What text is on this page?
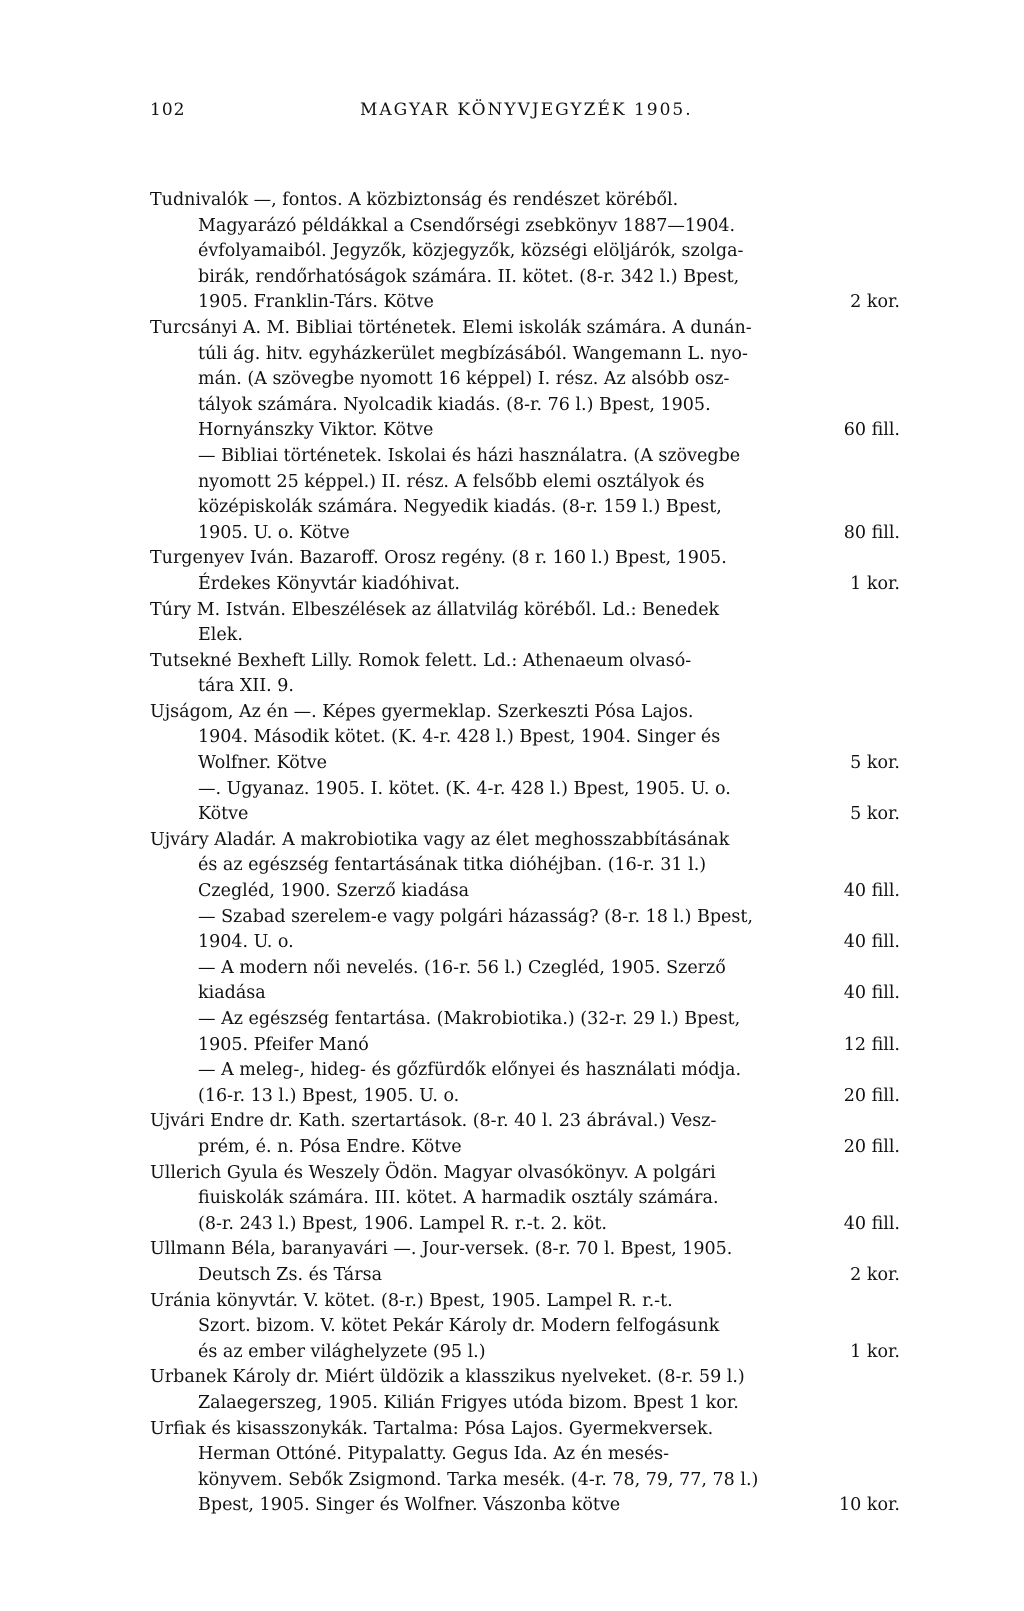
102	MAGYAR KÖNYVJEGYZÉK 1905.
Tudnivalók —, fontos. A közbiztonság és rendészet köréből.
Magyarázó példákkal a Csendőrségi zsebkönyv 1887—1904.
évfolyamaiból. Jegyzők, közjegyzők, községi elöljárók, szolga-
birák, rendőrhatóságok számára. II. kötet. (8-r. 342 l.) Bpest,
1905. Franklin-Társ. Kötve	2 kor.
Turcsányi A. M. Bibliai történetek. Elemi iskolák számára. A dunán-
túli ág. hitv. egyházkerület megbízásából. Wangemann L. nyo-
mán. (A szövegbe nyomott 16 képpel) I. rész. Az alsóbb osz-
tályok számára. Nyolcadik kiadás. (8-r. 76 l.) Bpest, 1905.
Hornyánszky Viktor. Kötve	60 fill.
— Bibliai történetek. Iskolai és házi használatra. (A szövegbe
nyomott 25 képpel.) II. rész. A felsőbb elemi osztályok és
középiskolák számára. Negyedik kiadás. (8-r. 159 l.) Bpest,
1905. U. o. Kötve	80 fill.
Turgenyev Iván. Bazaroff. Orosz regény. (8 r. 160 l.) Bpest, 1905.
Érdekes Könyvtár kiadóhivat.	1 kor.
Túry M. István. Elbeszélések az állatvilág köréből. Ld.: Benedek
Elek.
Tutsekné Bexheft Lilly. Romok felett. Ld.: Athenaeum olvasó-
tára XII. 9.
Ujságom, Az én —. Képes gyermeklap. Szerkeszti Pósa Lajos.
1904. Második kötet. (K. 4-r. 428 l.) Bpest, 1904. Singer és
Wolfner. Kötve	5 kor.
—. Ugyanaz. 1905. I. kötet. (K. 4-r. 428 l.) Bpest, 1905. U. o.
Kötve	5 kor.
Ujváry Aladár. A makrobiotika vagy az élet meghosszabbításának
és az egészség fentartásának titka dióhéjban. (16-r. 31 l.)
Czegléd, 1900. Szerző kiadása	40 fill.
— Szabad szerelem-e vagy polgári házasság? (8-r. 18 l.) Bpest,
1904. U. o.	40 fill.
— A modern női nevelés. (16-r. 56 l.) Czegléd, 1905. Szerző
kiadása	40 fill.
— Az egészség fentartása. (Makrobiotika.) (32-r. 29 l.) Bpest,
1905. Pfeifer Manó	12 fill.
— A meleg-, hideg- és gőzfürdők előnyei és használati módja.
(16-r. 13 l.) Bpest, 1905. U. o.	20 fill.
Ujvári Endre dr. Kath. szertartások. (8-r. 40 l. 23 ábrával.) Vesz-
prém, é. n. Pósa Endre. Kötve	20 fill.
Ullerich Gyula és Weszely Ödön. Magyar olvasókönyv. A polgári
fiuiskolák számára. III. kötet. A harmadik osztály számára.
(8-r. 243 l.) Bpest, 1906. Lampel R. r.-t. 2. köt.	40 fill.
Ullmann Béla, baranyavári —. Jour-versek. (8-r. 70 l. Bpest, 1905.
Deutsch Zs. és Társa	2 kor.
Uránia könyvtár. V. kötet. (8-r.) Bpest, 1905. Lampel R. r.-t.
Szort. bizom. V. kötet Pekár Károly dr. Modern felfogásunk
és az ember világhelyzete (95 l.)	1 kor.
Urbanek Károly dr. Miért üldözik a klasszikus nyelveket. (8-r. 59 l.)
Zalaegerszeg, 1905. Kilián Frigyes utóda bizom. Bpest 1 kor.
Urfiak és kisasszonykák. Tartalma: Pósa Lajos. Gyermekversek.
Herman Ottóné. Pitypalatty. Gegus Ida. Az én mesés-
könyvem. Sebők Zsigmond. Tarka mesék. (4-r. 78, 79, 77, 78 l.)
Bpest, 1905. Singer és Wolfner. Vászonba kötve	10 kor.
